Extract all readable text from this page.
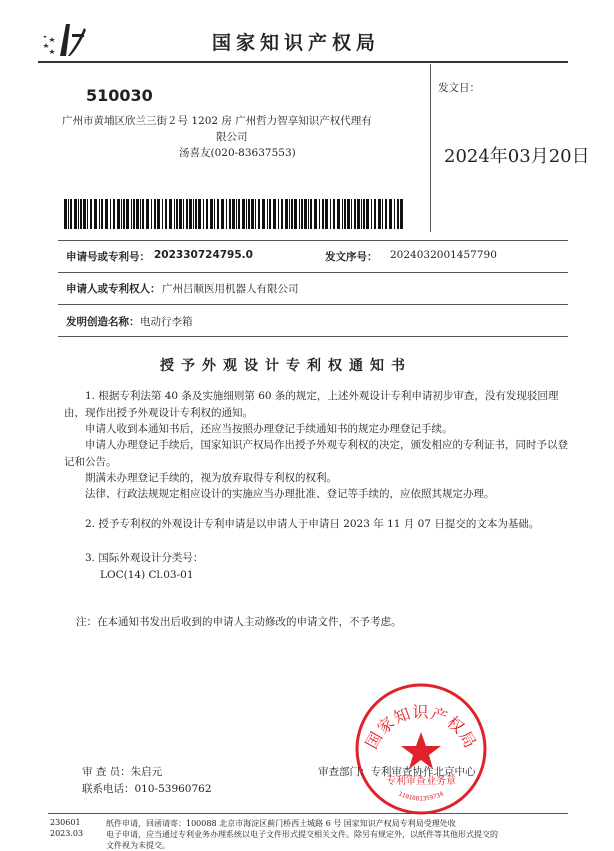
国家知识产权局
510030
广州市黄埔区欣兰三街２号 1202 房 广州哲力智享知识产权代理有
限公司
汤喜友(020-83637553)
发文日：
2024年03月20日
申请号或专利号： 202330724795.0	发文序号： 2024032001457790
申请人或专利权人： 广州吕顺医用机器人有限公司
发明创造名称： 电动行李箱
授予外观设计专利权通知书
1. 根据专利法第 40 条及实施细则第 60 条的规定，上述外观设计专利申请初步审查，没有发现驳回理由，现作出授予外观设计专利权的通知。
申请人收到本通知书后，还应当按照办理登记手续通知书的规定办理登记手续。
申请人办理登记手续后，国家知识产权局作出授予外观专利权的决定，颁发相应的专利证书，同时予以登记和公告。
期满未办理登记手续的，视为放弃取得专利权的权利。
法律、行政法规规定相应设计的实施应当办理批准、登记等手续的，应依照其规定办理。
2. 授予专利权的外观设计专利申请是以申请人于申请日 2023 年 11 月 07 日提交的文本为基础。
3. 国际外观设计分类号：
LOC(14) Cl.03-01
注：在本通知书发出后收到的申请人主动修改的申请文件，不予考虑。
国家知识产权局
专利审查业务章
1101081359734
审 查 员：朱启元
联系电话：010-53960762
审查部门：专利审查协作北京中心
230601
2023.03
纸件申请，回函请寄：100088 北京市海淀区蓟门桥西土城路 6 号 国家知识产权局专利局受理处收
电子申请，应当通过专利业务办理系统以电子文件形式提交相关文件。除另有规定外，以纸件等其他形式提交的
文件视为未提交。
